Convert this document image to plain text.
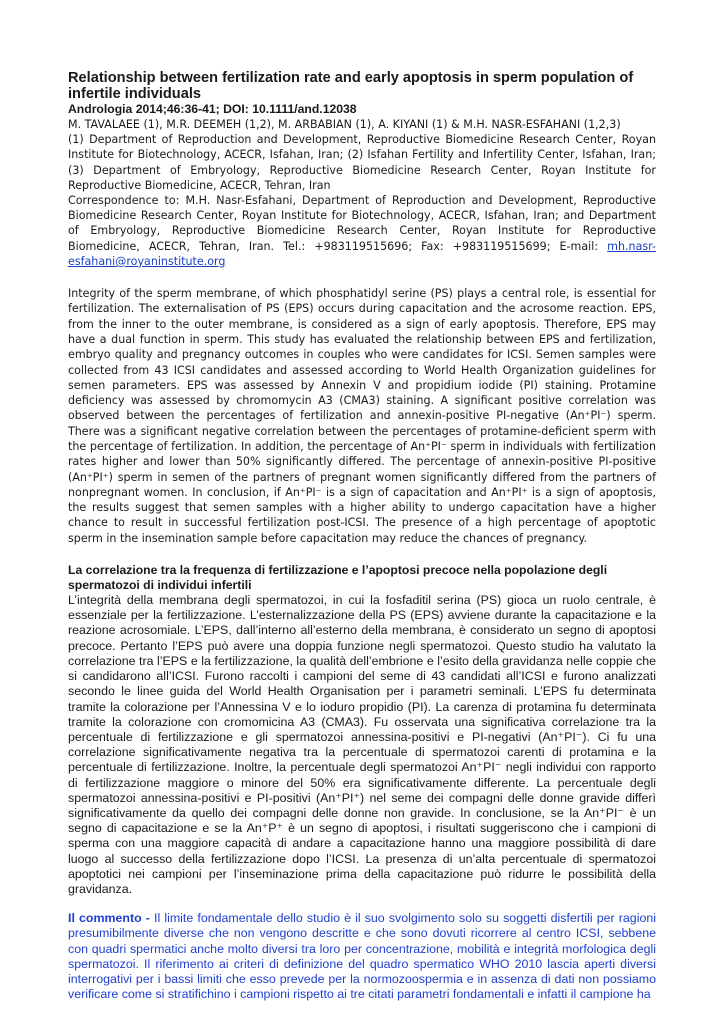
Relationship between fertilization rate and early apoptosis in sperm population of infertile individuals

Andrologia 2014;46:36-41; DOI: 10.1111/and.12038

M. TAVALAEE (1), M.R. DEEMEH (1,2), M. ARBABIAN (1), A. KIYANI (1) & M.H. NASR-ESFAHANI (1,2,3)

(1) Department of Reproduction and Development, Reproductive Biomedicine Research Center, Royan Institute for Biotechnology, ACECR, Isfahan, Iran; (2) Isfahan Fertility and Infertility Center, Isfahan, Iran; (3) Department of Embryology, Reproductive Biomedicine Research Center, Royan Institute for Reproductive Biomedicine, ACECR, Tehran, Iran

Correspondence to: M.H. Nasr-Esfahani, Department of Reproduction and Development, Reproductive Biomedicine Research Center, Royan Institute for Biotechnology, ACECR, Isfahan, Iran; and Department of Embryology, Reproductive Biomedicine Research Center, Royan Institute for Reproductive Biomedicine, ACECR, Tehran, Iran. Tel.: +983119515696; Fax: +983119515699; E-mail: mh.nasr-esfahani@royaninstitute.org

Integrity of the sperm membrane, of which phosphatidyl serine (PS) plays a central role, is essential for fertilization. The externalisation of PS (EPS) occurs during capacitation and the acrosome reaction. EPS, from the inner to the outer membrane, is considered as a sign of early apoptosis. Therefore, EPS may have a dual function in sperm. This study has evaluated the relationship between EPS and fertilization, embryo quality and pregnancy outcomes in couples who were candidates for ICSI. Semen samples were collected from 43 ICSI candidates and assessed according to World Health Organization guidelines for semen parameters. EPS was assessed by Annexin V and propidium iodide (PI) staining. Protamine deficiency was assessed by chromomycin A3 (CMA3) staining. A significant positive correlation was observed between the percentages of fertilization and annexin-positive PI-negative (An⁺PI⁻) sperm. There was a significant negative correlation between the percentages of protamine-deficient sperm with the percentage of fertilization. In addition, the percentage of An⁺PI⁻ sperm in individuals with fertilization rates higher and lower than 50% significantly differed. The percentage of annexin-positive PI-positive (An⁺PI⁺) sperm in semen of the partners of pregnant women significantly differed from the partners of nonpregnant women. In conclusion, if An⁺PI⁻ is a sign of capacitation and An⁺PI⁺ is a sign of apoptosis, the results suggest that semen samples with a higher ability to undergo capacitation have a higher chance to result in successful fertilization post-ICSI. The presence of a high percentage of apoptotic sperm in the insemination sample before capacitation may reduce the chances of pregnancy.

La correlazione tra la frequenza di fertilizzazione e l’apoptosi precoce nella popolazione degli spermatozoi di individui infertili

L’integrità della membrana degli spermatozoi, in cui la fosfaditil serina (PS) gioca un ruolo centrale, è essenziale per la fertilizzazione. L’esternalizzazione della PS (EPS) avviene durante la capacitazione e la reazione acrosomiale. L’EPS, dall’interno all’esterno della membrana, è considerato un segno di apoptosi precoce. Pertanto l’EPS può avere una doppia funzione negli spermatozoi. Questo studio ha valutato la correlazione tra l’EPS e la fertilizzazione, la qualità dell’embrione e l’esito della gravidanza nelle coppie che si candidarono all’ICSI. Furono raccolti i campioni del seme di 43 candidati all’ICSI e furono analizzati secondo le linee guida del World Health Organisation per i parametri seminali. L’EPS fu determinata tramite la colorazione per l’Annessina V e lo ioduro propidio (PI). La carenza di protamina fu determinata tramite la colorazione con cromomicina A3 (CMA3). Fu osservata una significativa correlazione tra la percentuale di fertilizzazione e gli spermatozoi annessina-positivi e PI-negativi (An⁺PI⁻). Ci fu una correlazione significativamente negativa tra la percentuale di spermatozoi carenti di protamina e la percentuale di fertilizzazione. Inoltre, la percentuale degli spermatozoi An⁺PI⁻ negli individui con rapporto di fertilizzazione maggiore o minore del 50% era significativamente differente. La percentuale degli spermatozoi annessina-positivi e PI-positivi (An⁺PI⁺) nel seme dei compagni delle donne gravide differì significativamente da quello dei compagni delle donne non gravide. In conclusione, se la An⁺PI⁻ è un segno di capacitazione e se la An⁺P⁺ è un segno di apoptosi, i risultati suggeriscono che i campioni di sperma con una maggiore capacità di andare a capacitazione hanno una maggiore possibilità di dare luogo al successo della fertilizzazione dopo l’ICSI. La presenza di un’alta percentuale di spermatozoi apoptotici nei campioni per l’inseminazione prima della capacitazione può ridurre le possibilità della gravidanza.

Il commento - Il limite fondamentale dello studio è il suo svolgimento solo su soggetti disfertili per ragioni presumibilmente diverse che non vengono descritte e che sono dovuti ricorrere al centro ICSI, sebbene con quadri spermatici anche molto diversi tra loro per concentrazione, mobilità e integrità morfologica degli spermatozoi. Il riferimento ai criteri di definizione del quadro spermatico WHO 2010 lascia aperti diversi interrogativi per i bassi limiti che esso prevede per la normozoospermia e in assenza di dati non possiamo verificare come si stratifichino i campioni rispetto ai tre citati parametri fondamentali e infatti il campione ha
